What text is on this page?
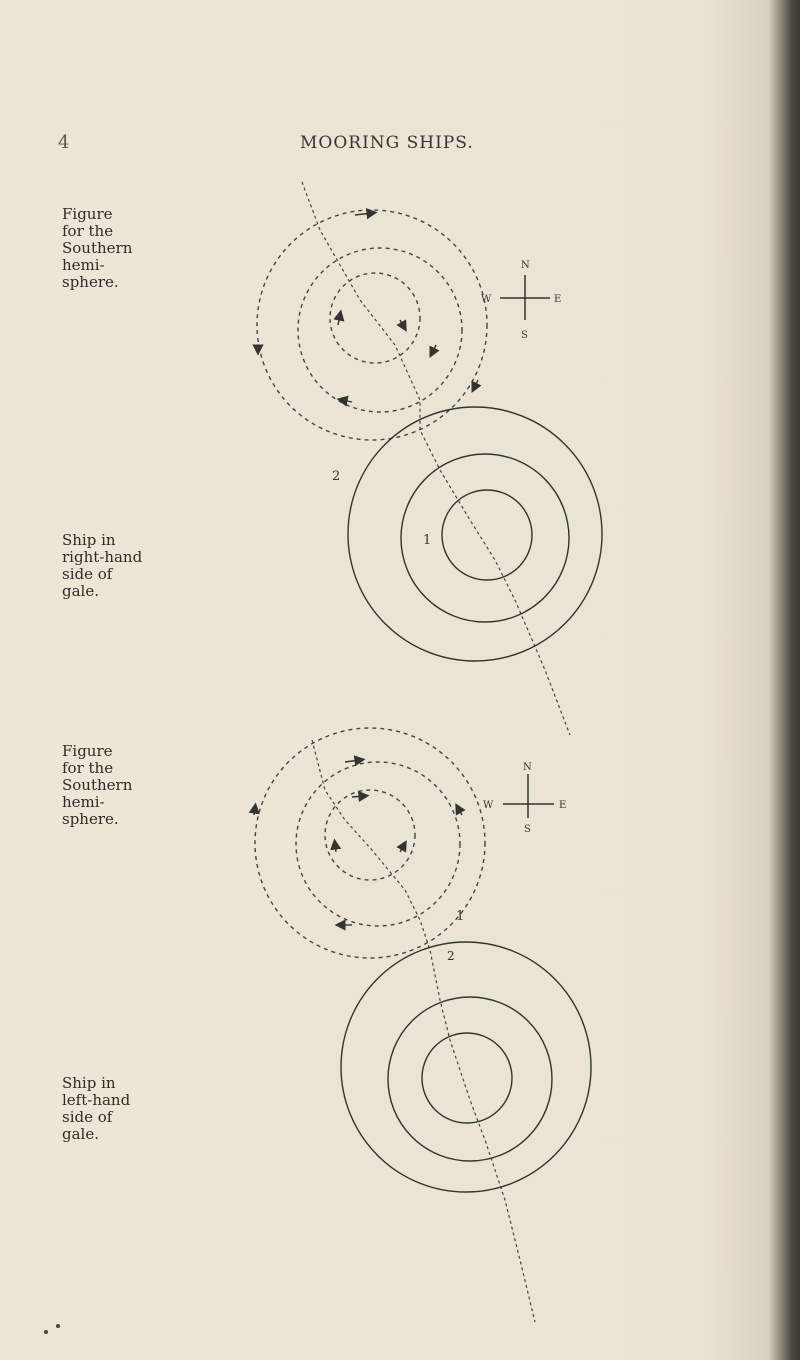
4	MOORING SHIPS.
Figure
for the
Southern
hemi-
sphere.
Ship in
right-hand
side of
gale.
Figure
for the
Southern
hemi-
sphere.
Ship in
left-hand
side of
gale.
2
1
N
W	E
S
1
2
N
W	E
S
